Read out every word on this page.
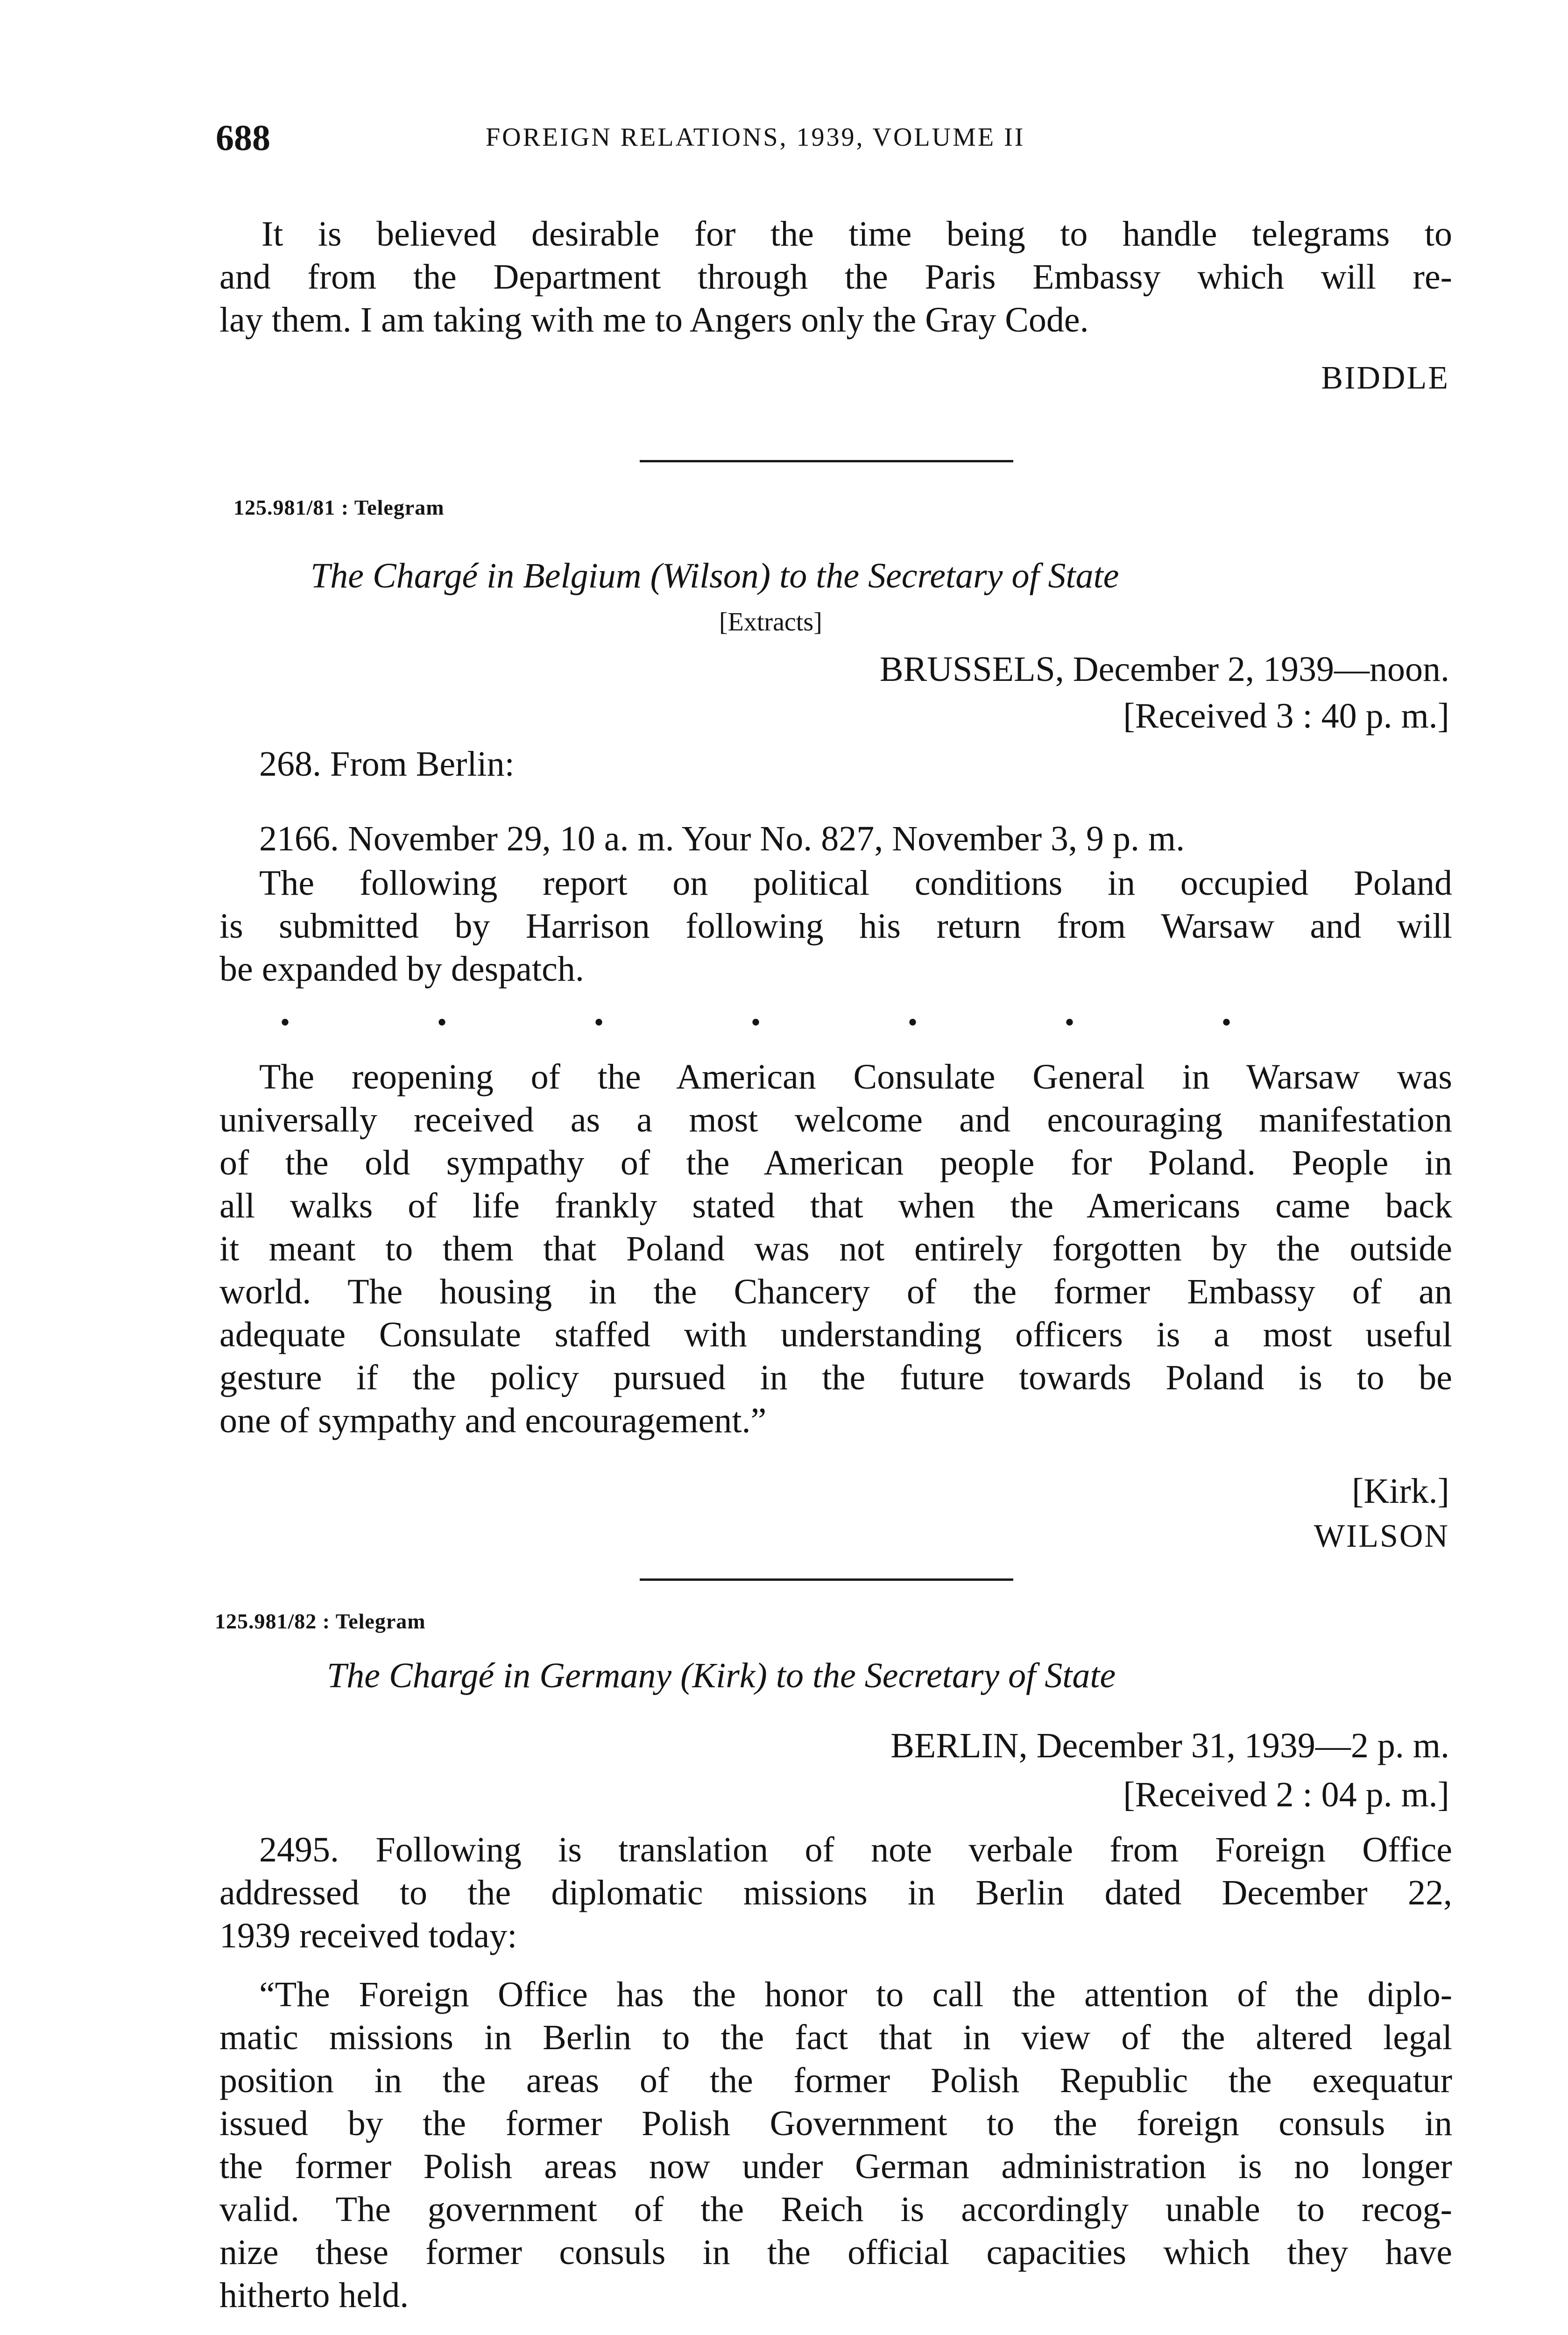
688	FOREIGN RELATIONS, 1939, VOLUME II
It is believed desirable for the time being to handle telegrams to
and from the Department through the Paris Embassy which will re-
lay them. I am taking with me to Angers only the Gray Code.
BIDDLE
125.981/81 : Telegram
The Chargé in Belgium (Wilson) to the Secretary of State
[Extracts]
BRUSSELS, December 2, 1939—noon.
[Received 3 : 40 p. m.]
268. From Berlin:
2166. November 29, 10 a. m. Your No. 827, November 3, 9 p. m.
The following report on political conditions in occupied Poland
is submitted by Harrison following his return from Warsaw and will
be expanded by despatch.
• • • • • • •
The reopening of the American Consulate General in Warsaw was
universally received as a most welcome and encouraging manifestation
of the old sympathy of the American people for Poland. People in
all walks of life frankly stated that when the Americans came back
it meant to them that Poland was not entirely forgotten by the outside
world. The housing in the Chancery of the former Embassy of an
adequate Consulate staffed with understanding officers is a most useful
gesture if the policy pursued in the future towards Poland is to be
one of sympathy and encouragement.”
[Kirk.]
WILSON
125.981/82 : Telegram
The Chargé in Germany (Kirk) to the Secretary of State
BERLIN, December 31, 1939—2 p. m.
[Received 2 : 04 p. m.]
2495. Following is translation of note verbale from Foreign Office
addressed to the diplomatic missions in Berlin dated December 22,
1939 received today:
“The Foreign Office has the honor to call the attention of the diplo-
matic missions in Berlin to the fact that in view of the altered legal
position in the areas of the former Polish Republic the exequatur
issued by the former Polish Government to the foreign consuls in
the former Polish areas now under German administration is no longer
valid. The government of the Reich is accordingly unable to recog-
nize these former consuls in the official capacities which they have
hitherto held.
